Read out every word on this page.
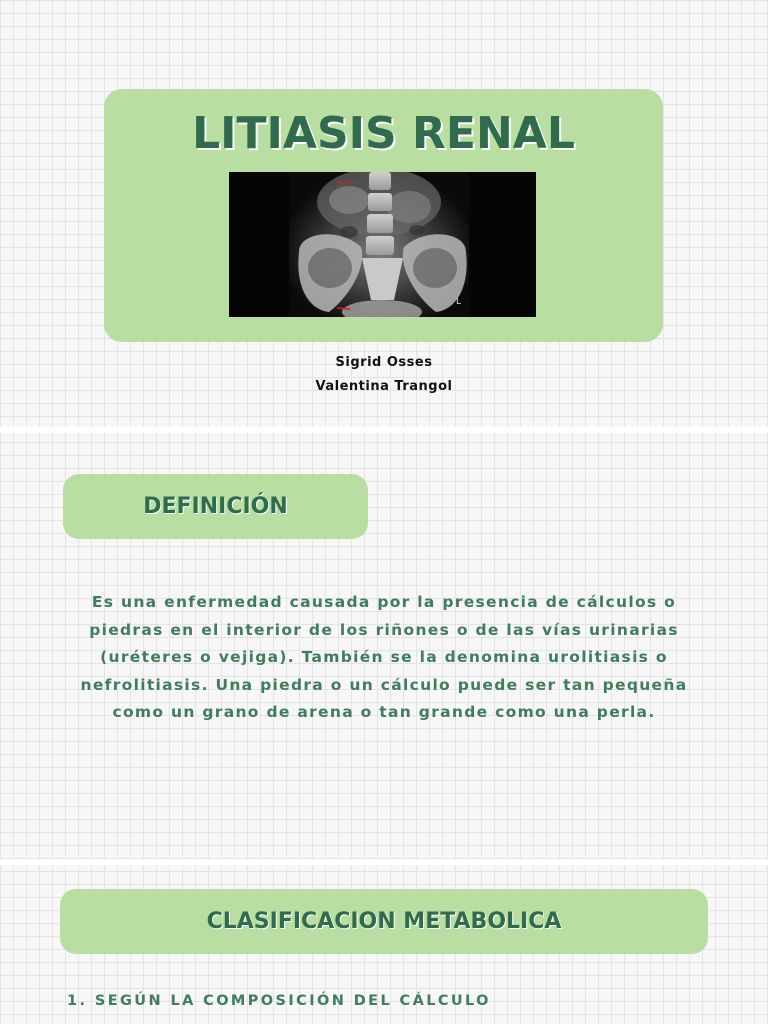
LITIASIS RENAL
L
Sigrid Osses
Valentina Trangol
DEFINICIÓN

Es una enfermedad causada por la presencia de cálculos o piedras en el interior de los riñones o de las vías urinarias (uréteres o vejiga). También se la denomina urolitiasis o nefrolitiasis. Una piedra o un cálculo puede ser tan pequeña como un grano de arena o tan grande como una perla.

CLASIFICACION METABOLICA
1. SEGÚN LA COMPOSICIÓN DEL CÁLCULO
